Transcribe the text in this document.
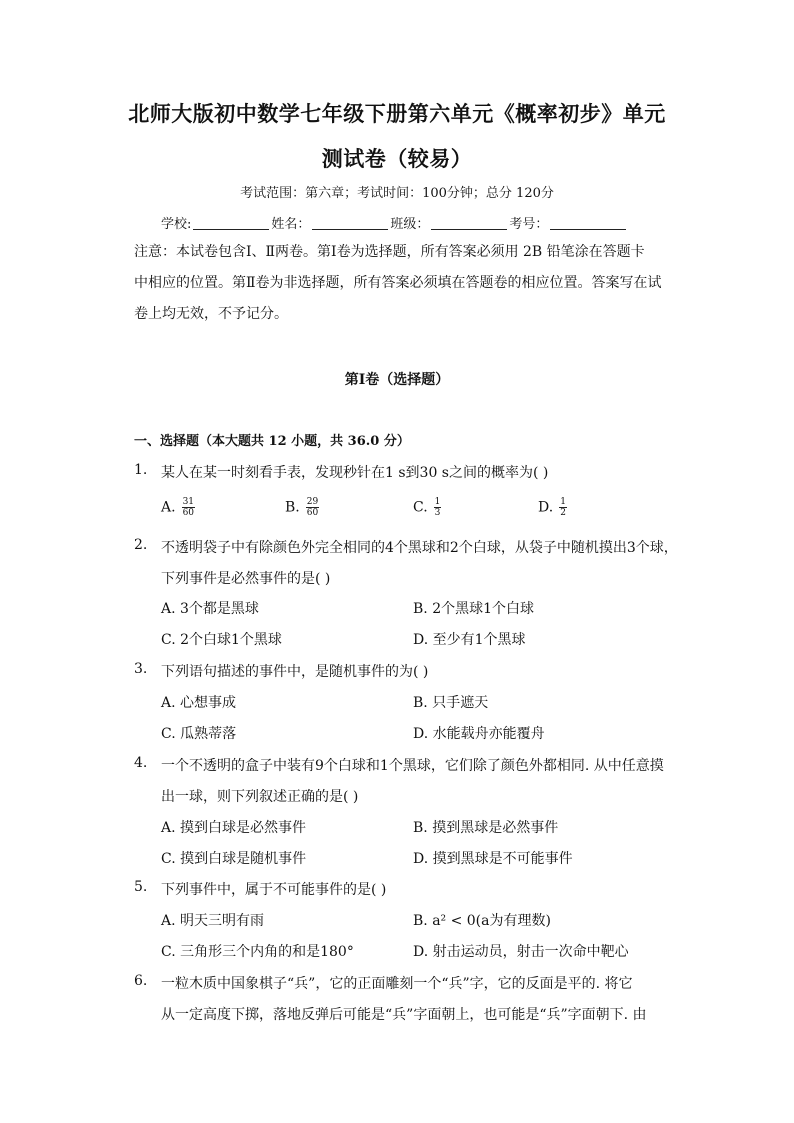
北师大版初中数学七年级下册第六单元《概率初步》单元
测试卷（较易）
考试范围：第六章；考试时间：100分钟；总分 120分
学校:	姓名：	班级：	考号：
注意：本试卷包含Ⅰ、Ⅱ两卷。第Ⅰ卷为选择题，所有答案必须用 2B 铅笔涂在答题卡
中相应的位置。第Ⅱ卷为非选择题，所有答案必须填在答题卷的相应位置。答案写在试
卷上均无效，不予记分。
第Ⅰ卷（选择题）
一、选择题（本大题共 12 小题，共 36.0 分）
1. 某人在某一时刻看手表，发现秒针在1 s到30 s之间的概率为( )
A. $\frac{31}{60}$	B. $\frac{29}{60}$	C. $\frac{1}{3}$	D. $\frac{1}{2}$
2. 不透明袋子中有除颜色外完全相同的4个黑球和2个白球，从袋子中随机摸出3个球，
下列事件是必然事件的是( )
A. 3个都是黑球	B. 2个黑球1个白球
C. 2个白球1个黑球	D. 至少有1个黑球
3. 下列语句描述的事件中，是随机事件的为( )
A. 心想事成	B. 只手遮天
C. 瓜熟蒂落	D. 水能载舟亦能覆舟
4. 一个不透明的盒子中装有9个白球和1个黑球，它们除了颜色外都相同. 从中任意摸
出一球，则下列叙述正确的是( )
A. 摸到白球是必然事件	B. 摸到黑球是必然事件
C. 摸到白球是随机事件	D. 摸到黑球是不可能事件
5. 下列事件中，属于不可能事件的是( )
A. 明天三明有雨	B. a² < 0(a为有理数)
C. 三角形三个内角的和是180°	D. 射击运动员，射击一次命中靶心
6. 一粒木质中国象棋子“兵”，它的正面雕刻一个“兵”字，它的反面是平的. 将它
从一定高度下掷，落地反弹后可能是“兵”字面朝上，也可能是“兵”字面朝下. 由
